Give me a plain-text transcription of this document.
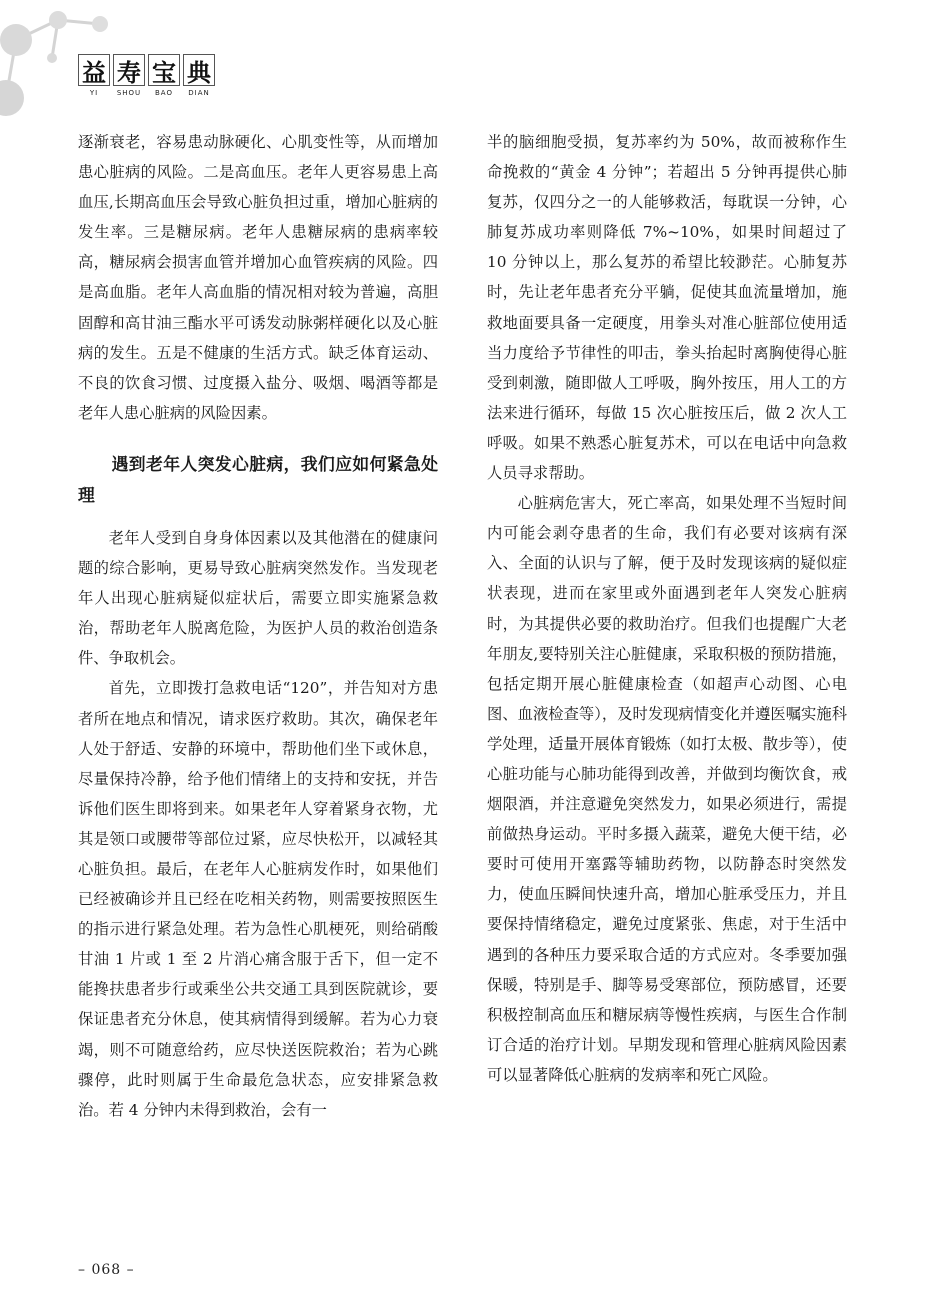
益 寿 宝 典
YI	SHOU	BAO	DIAN

逐渐衰老，容易患动脉硬化、心肌变性等，从而增加患心脏病的风险。二是高血压。老年人更容易患上高血压,长期高血压会导致心脏负担过重，增加心脏病的发生率。三是糖尿病。老年人患糖尿病的患病率较高，糖尿病会损害血管并增加心血管疾病的风险。四是高血脂。老年人高血脂的情况相对较为普遍，高胆固醇和高甘油三酯水平可诱发动脉粥样硬化以及心脏病的发生。五是不健康的生活方式。缺乏体育运动、不良的饮食习惯、过度摄入盐分、吸烟、喝酒等都是老年人患心脏病的风险因素。

遇到老年人突发心脏病，我们应如何紧急处理

老年人受到自身身体因素以及其他潜在的健康问题的综合影响，更易导致心脏病突然发作。当发现老年人出现心脏病疑似症状后，需要立即实施紧急救治，帮助老年人脱离危险，为医护人员的救治创造条件、争取机会。

首先，立即拨打急救电话“120”，并告知对方患者所在地点和情况，请求医疗救助。其次，确保老年人处于舒适、安静的环境中，帮助他们坐下或休息，尽量保持冷静，给予他们情绪上的支持和安抚，并告诉他们医生即将到来。如果老年人穿着紧身衣物，尤其是领口或腰带等部位过紧，应尽快松开，以减轻其心脏负担。最后，在老年人心脏病发作时，如果他们已经被确诊并且已经在吃相关药物，则需要按照医生的指示进行紧急处理。若为急性心肌梗死，则给硝酸甘油 1 片或 1 至 2 片消心痛含服于舌下，但一定不能搀扶患者步行或乘坐公共交通工具到医院就诊，要保证患者充分休息，使其病情得到缓解。若为心力衰竭，则不可随意给药，应尽快送医院救治；若为心跳骤停，此时则属于生命最危急状态，应安排紧急救治。若 4 分钟内未得到救治，会有一

半的脑细胞受损，复苏率约为 50%，故而被称作生命挽救的“黄金 4 分钟”；若超出 5 分钟再提供心肺复苏，仅四分之一的人能够救活，每耽误一分钟，心肺复苏成功率则降低 7%~10%，如果时间超过了 10 分钟以上，那么复苏的希望比较渺茫。心肺复苏时，先让老年患者充分平躺，促使其血流量增加，施救地面要具备一定硬度，用拳头对准心脏部位使用适当力度给予节律性的叩击，拳头抬起时离胸使得心脏受到刺激，随即做人工呼吸，胸外按压，用人工的方法来进行循环，每做 15 次心脏按压后，做 2 次人工呼吸。如果不熟悉心脏复苏术，可以在电话中向急救人员寻求帮助。

心脏病危害大，死亡率高，如果处理不当短时间内可能会剥夺患者的生命，我们有必要对该病有深入、全面的认识与了解，便于及时发现该病的疑似症状表现，进而在家里或外面遇到老年人突发心脏病时，为其提供必要的救助治疗。但我们也提醒广大老年朋友,要特别关注心脏健康，采取积极的预防措施，包括定期开展心脏健康检查（如超声心动图、心电图、血液检查等），及时发现病情变化并遵医嘱实施科学处理，适量开展体育锻炼（如打太极、散步等），使心脏功能与心肺功能得到改善，并做到均衡饮食，戒烟限酒，并注意避免突然发力，如果必须进行，需提前做热身运动。平时多摄入蔬菜，避免大便干结，必要时可使用开塞露等辅助药物，以防静态时突然发力，使血压瞬间快速升高，增加心脏承受压力，并且要保持情绪稳定，避免过度紧张、焦虑，对于生活中遇到的各种压力要采取合适的方式应对。冬季要加强保暖，特别是手、脚等易受寒部位，预防感冒，还要积极控制高血压和糖尿病等慢性疾病，与医生合作制订合适的治疗计划。早期发现和管理心脏病风险因素可以显著降低心脏病的发病率和死亡风险。

– 068 –
